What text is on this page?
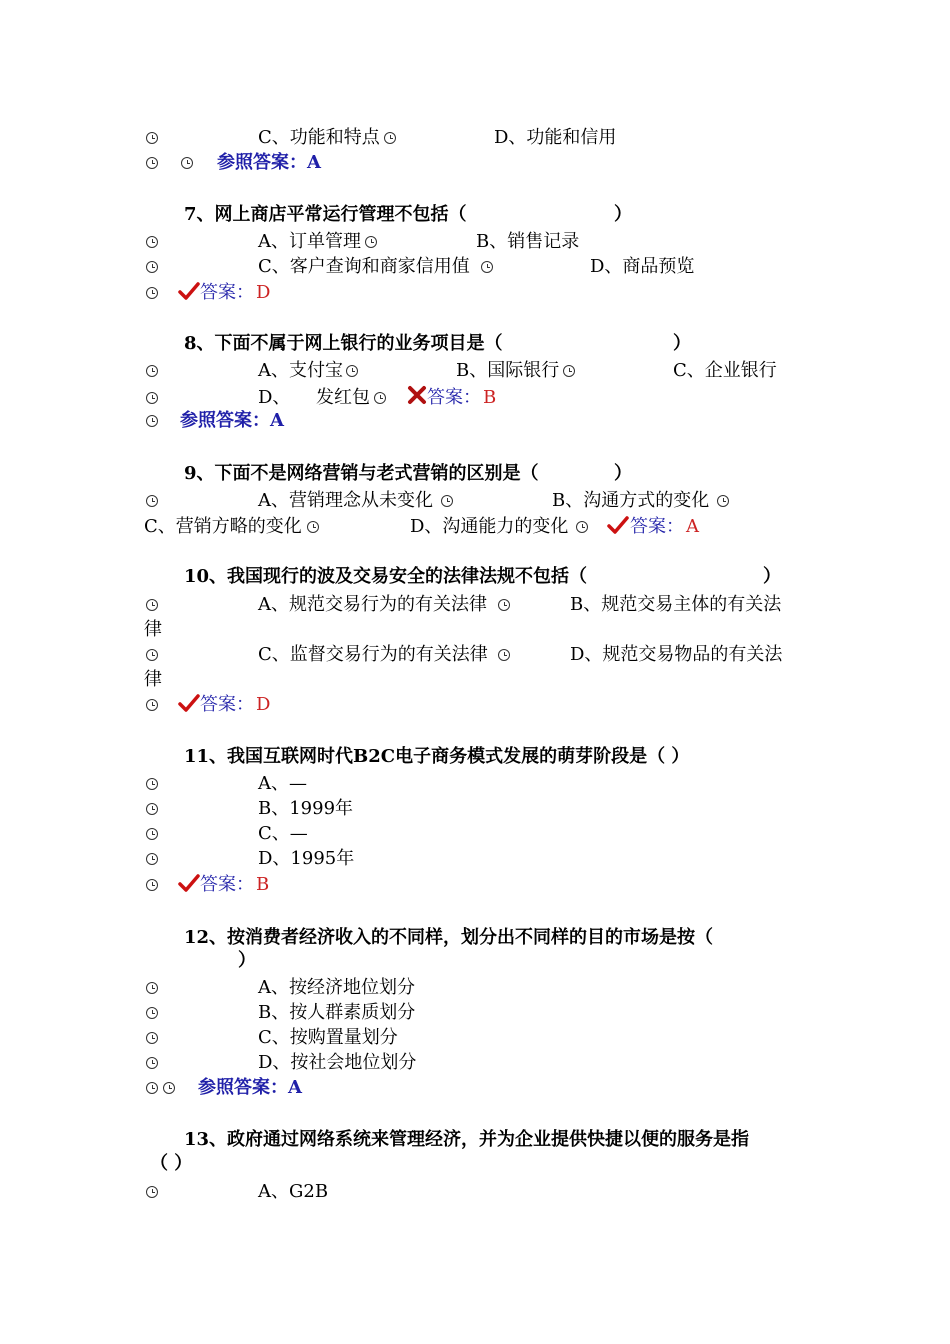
C、功能和特点	D、功能和信用
参照答案：A
7、网上商店平常运行管理不包括（	）
A、订单管理	B、销售记录
C、客户查询和商家信用值	D、商品预览
答案： D
8、下面不属于网上银行的业务项目是（	）
A、支付宝	B、国际银行	C、企业银行
D、 发红包	答案： B
参照答案：A
9、下面不是网络营销与老式营销的区别是（	）
A、营销理念从未变化	B、沟通方式的变化
C、营销方略的变化	D、沟通能力的变化	答案： A
10、我国现行的波及交易安全的法律法规不包括（	）
A、规范交易行为的有关法律	B、规范交易主体的有关法
律
C、监督交易行为的有关法律	D、规范交易物品的有关法
律
答案： D
11、我国互联网时代B2C电子商务模式发展的萌芽阶段是（ ）
A、—
B、1999年
C、—
D、1995年
答案： B
12、按消费者经济收入的不同样，划分出不同样的目的市场是按（
）
A、按经济地位划分
B、按人群素质划分
C、按购置量划分
D、按社会地位划分
参照答案：A
13、政府通过网络系统来管理经济，并为企业提供快捷以便的服务是指
（ ）
A、G2B
